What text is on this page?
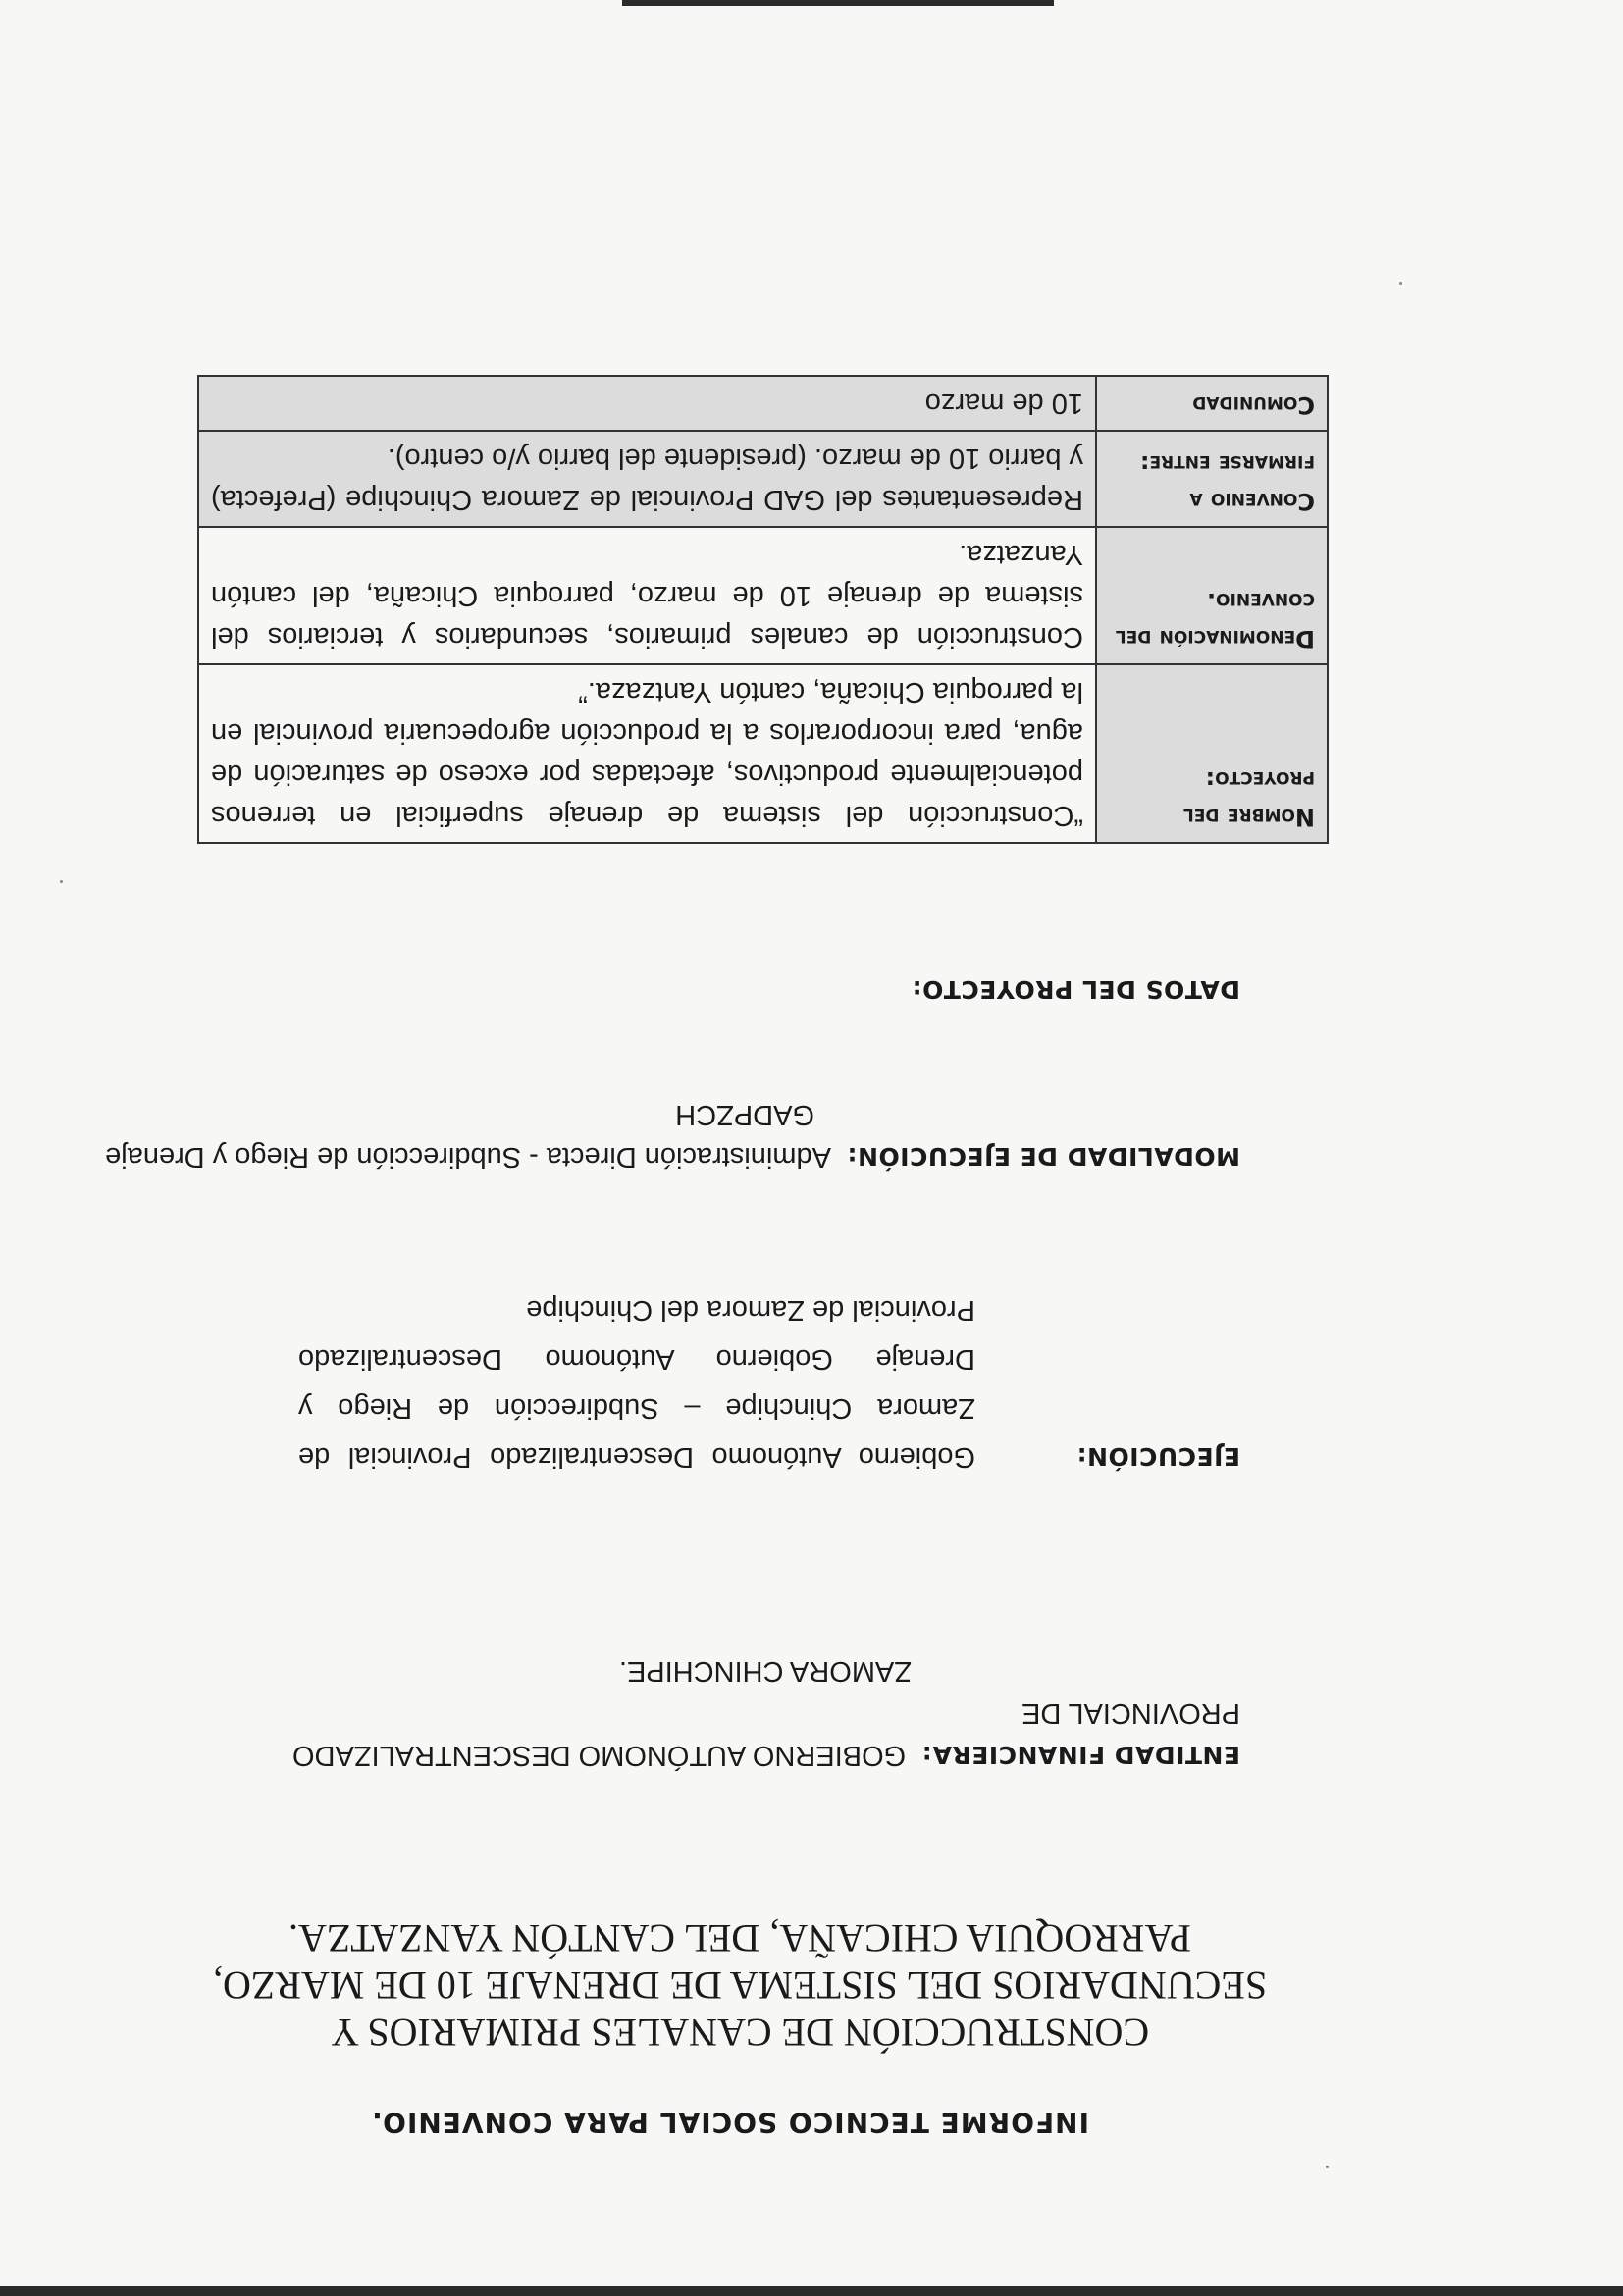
INFORME TECNICO SOCIAL PARA CONVENIO.
CONSTRUCCIÓN DE CANALES PRIMARIOS Y SECUNDARIOS DEL SISTEMA DE DRENAJE 10 DE MARZO, PARROQUIA CHICAÑA, DEL CANTÓN YANZATZA.
ENTIDAD FINANCIERA: GOBIERNO AUTÓNOMO DESCENTRALIZADO PROVINCIAL DE
ZAMORA CHINCHIPE.
EJECUCIÓN:
Gobierno Autónomo Descentralizado Provincial de Zamora Chinchipe – Subdirección de Riego y Drenaje Gobierno Autónomo Descentralizado Provincial de Zamora del Chinchipe
MODALIDAD DE EJECUCIÓN: Administración Directa - Subdirección de Riego y Drenaje
GADPZCH
DATOS DEL PROYECTO:
Nombre del proyecto:	“Construcción del sistema de drenaje superficial en terrenos potencialmente productivos, afectadas por exceso de saturación de agua, para incorporarlos a la producción agropecuaria provincial en la parroquia Chicaña, cantón Yantzaza.”
Denominación del convenio.	Construcción de canales primarios, secundarios y terciarios del sistema de drenaje 10 de marzo, parroquia Chicaña, del cantón Yanzatza.
Convenio a firmarse entre:	Representantes del GAD Provincial de Zamora Chinchipe (Prefecta) y barrio 10 de marzo. (presidente del barrio y/o centro).
Comunidad	10 de marzo
